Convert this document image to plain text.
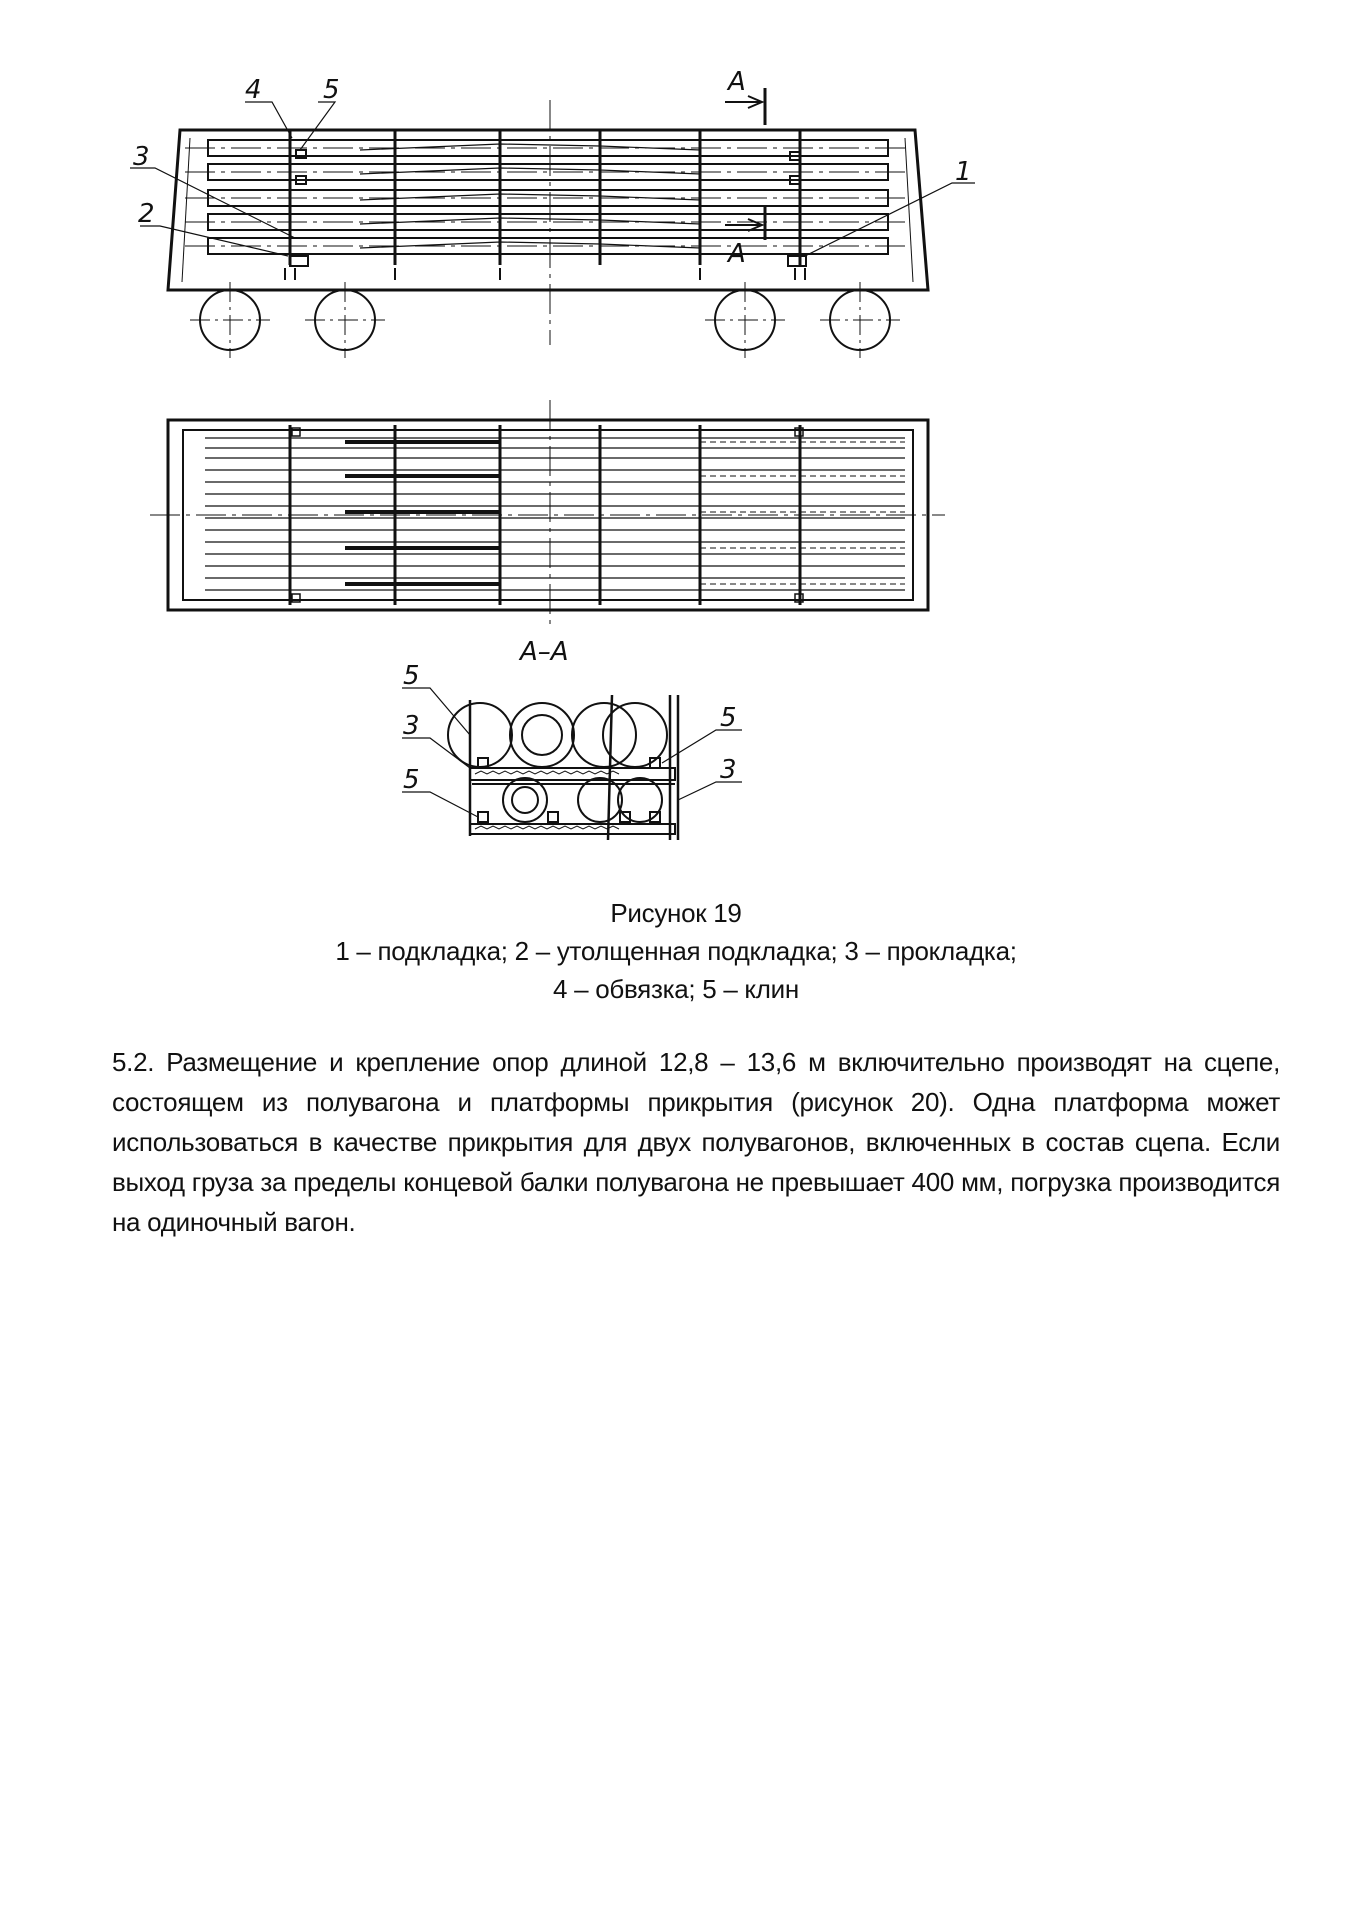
4 5
3
2
1
A
A
A–A
5
3
5
5
3
Рисунок 19
1 – подкладка; 2 – утолщенная подкладка; 3 – прокладка;
4 – обвязка; 5 – клин
5.2. Размещение и крепление опор длиной 12,8 – 13,6 м включительно производят на сцепе, состоящем из полувагона и платформы прикрытия (рисунок 20). Одна платформа может использоваться в качестве прикрытия для двух полувагонов, включенных в состав сцепа. Если выход груза за пределы концевой балки полувагона не превышает 400 мм, погрузка производится на одиночный вагон.
